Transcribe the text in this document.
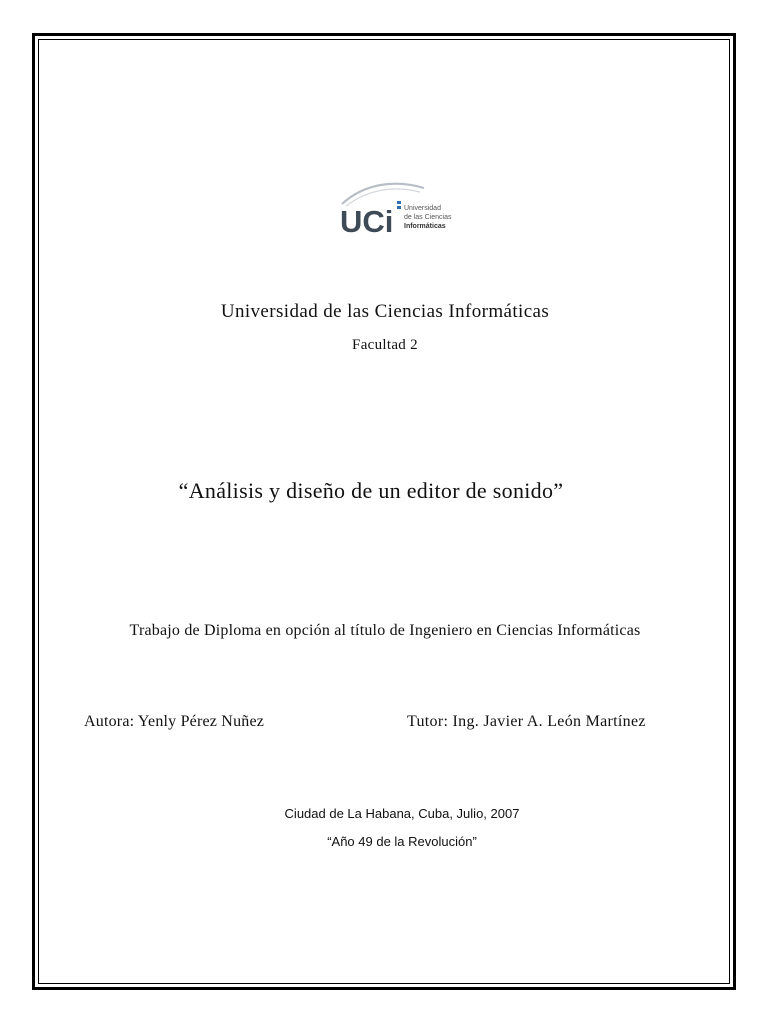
UCi Universidad
de las Ciencias
Informáticas
Universidad de las Ciencias Informáticas
Facultad 2
“Análisis y diseño de un editor de sonido”
Trabajo de Diploma en opción al título de Ingeniero en Ciencias Informáticas
Autora: Yenly Pérez Nuñez	Tutor: Ing. Javier A. León Martínez
Ciudad de La Habana, Cuba, Julio, 2007
“Año 49 de la Revolución”
